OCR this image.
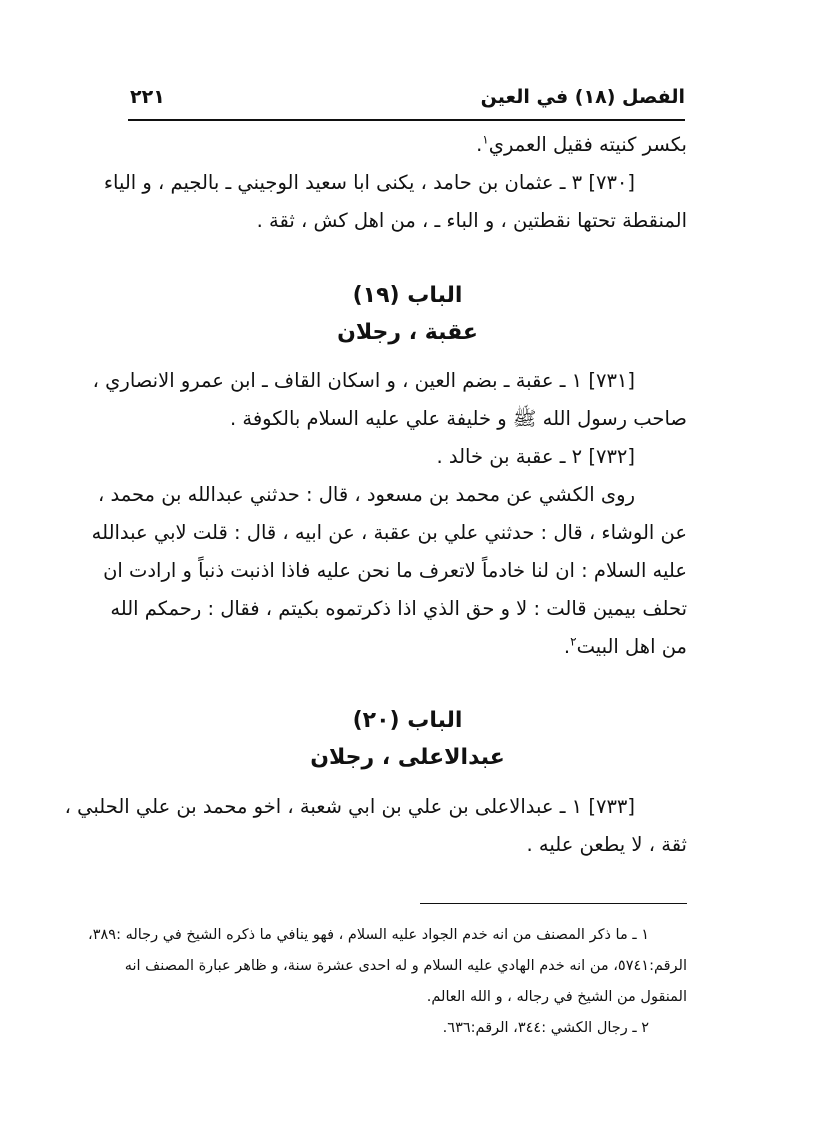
الفصل (١٨) في العين
٢٢١
بكسر كنيته فقيل العمري$^١$.
[٧٣٠] ٣ ـ عثمان بن حامد ، يكنى ابا سعيد الوجيني ـ بالجيم ، و الياء
المنقطة تحتها نقطتين ، و الباء ـ ، من اهل كش ، ثقة .
الباب (١٩)
عقبة ، رجلان
[٧٣١] ١ ـ عقبة ـ بضم العين ، و اسكان القاف ـ ابن عمرو الانصاري ،
صاحب رسول الله ﷺ و خليفة علي عليه السلام بالكوفة .
[٧٣٢] ٢ ـ عقبة بن خالد .
روى الكشي عن محمد بن مسعود ، قال : حدثني عبدالله بن محمد ،
عن الوشاء ، قال : حدثني علي بن عقبة ، عن ابيه ، قال : قلت لابي عبدالله
عليه السلام : ان لنا خادماً لاتعرف ما نحن عليه فاذا اذنبت ذنباً و ارادت ان
تحلف بيمين قالت : لا و حق الذي اذا ذكرتموه بكيتم ، فقال : رحمكم الله
من اهل البيت$^٢$.
الباب (٢٠)
عبدالاعلى ، رجلان
[٧٣٣] ١ ـ عبدالاعلى بن علي بن ابي شعبة ، اخو محمد بن علي الحلبي ،
ثقة ، لا يطعن عليه .
١ ـ ما ذكر المصنف من انه خدم الجواد عليه السلام ، فهو ينافي ما ذكره الشيخ في رجاله :٣٨٩،
الرقم:٥٧٤١، من انه خدم الهادي عليه السلام و له احدى عشرة سنة، و ظاهر عبارة المصنف انه
المنقول من الشيخ في رجاله ، و الله العالم.
٢ ـ رجال الكشي :٣٤٤، الرقم:٦٣٦.
